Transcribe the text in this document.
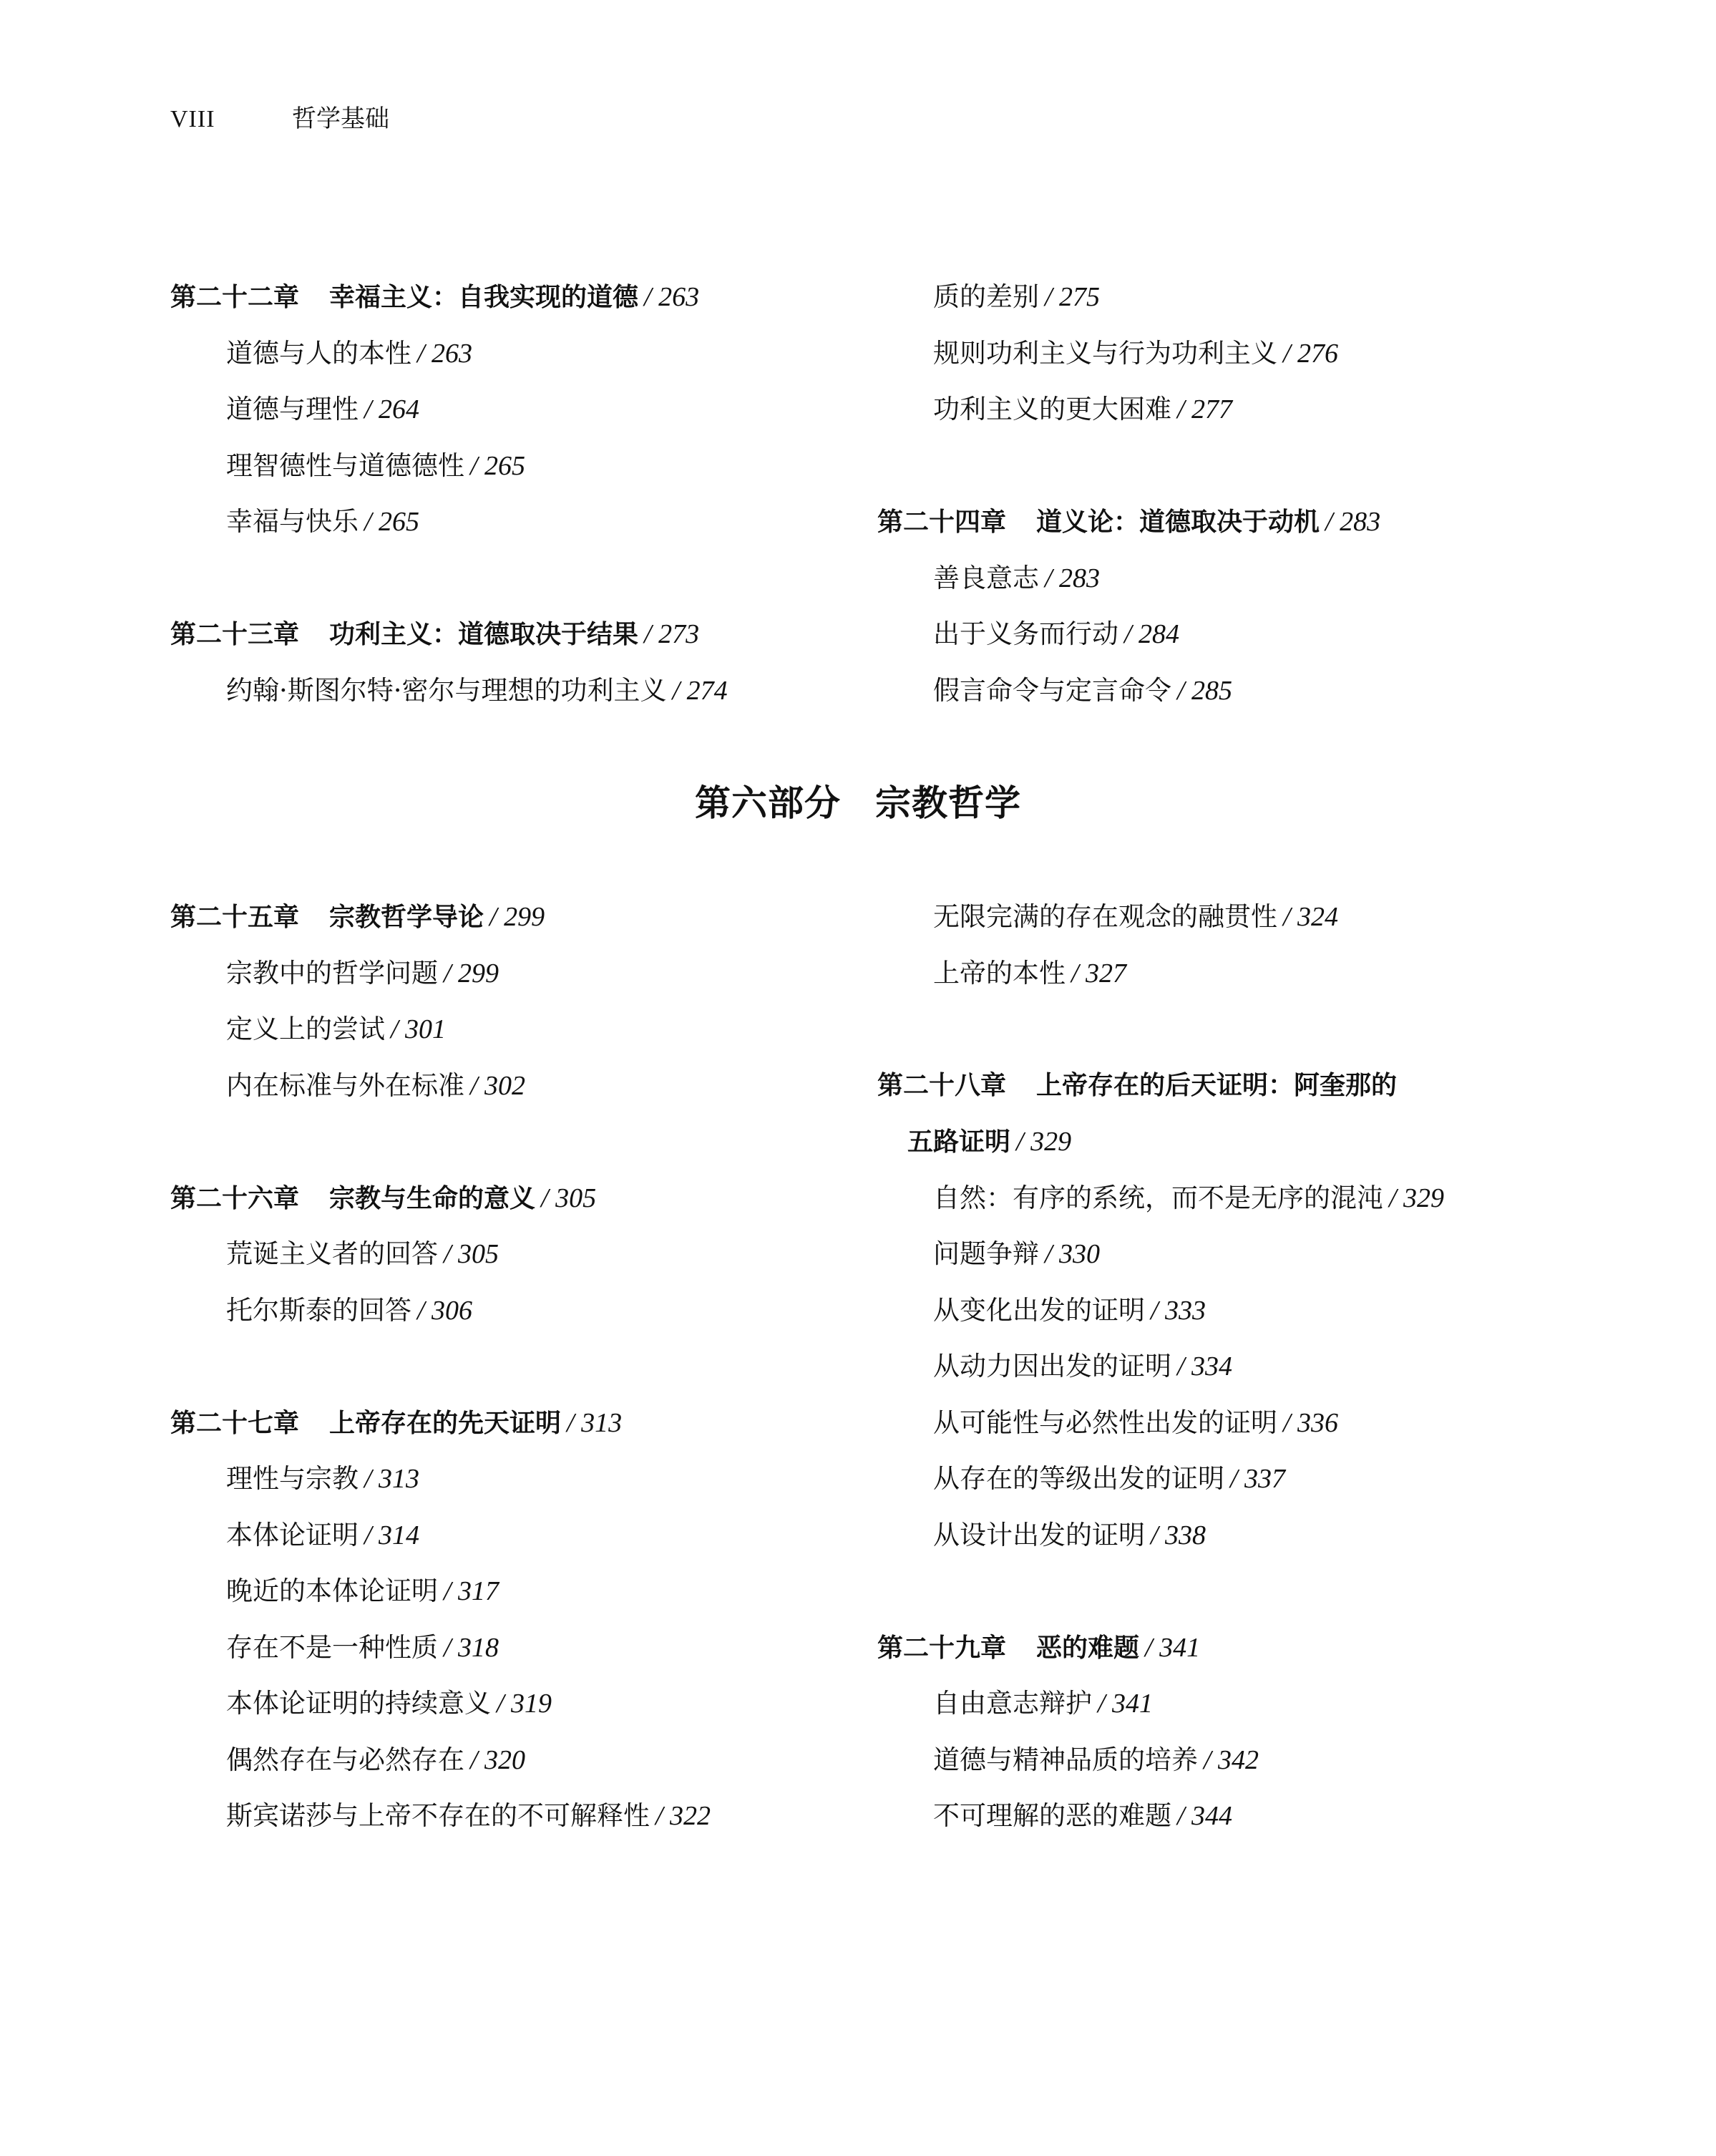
VIII	哲学基础
第二十二章 幸福主义：自我实现的道德 / 263
道德与人的本性 / 263
道德与理性 / 264
理智德性与道德德性 / 265
幸福与快乐 / 265
第二十三章 功利主义：道德取决于结果 / 273
约翰·斯图尔特·密尔与理想的功利主义 / 274
质的差别 / 275
规则功利主义与行为功利主义 / 276
功利主义的更大困难 / 277
第二十四章 道义论：道德取决于动机 / 283
善良意志 / 283
出于义务而行动 / 284
假言命令与定言命令 / 285
第六部分 宗教哲学
第二十五章 宗教哲学导论 / 299
宗教中的哲学问题 / 299
定义上的尝试 / 301
内在标准与外在标准 / 302
第二十六章 宗教与生命的意义 / 305
荒诞主义者的回答 / 305
托尔斯泰的回答 / 306
第二十七章 上帝存在的先天证明 / 313
理性与宗教 / 313
本体论证明 / 314
晚近的本体论证明 / 317
存在不是一种性质 / 318
本体论证明的持续意义 / 319
偶然存在与必然存在 / 320
斯宾诺莎与上帝不存在的不可解释性 / 322
无限完满的存在观念的融贯性 / 324
上帝的本性 / 327
第二十八章 上帝存在的后天证明：阿奎那的
五路证明 / 329
自然：有序的系统，而不是无序的混沌 / 329
问题争辩 / 330
从变化出发的证明 / 333
从动力因出发的证明 / 334
从可能性与必然性出发的证明 / 336
从存在的等级出发的证明 / 337
从设计出发的证明 / 338
第二十九章 恶的难题 / 341
自由意志辩护 / 341
道德与精神品质的培养 / 342
不可理解的恶的难题 / 344
